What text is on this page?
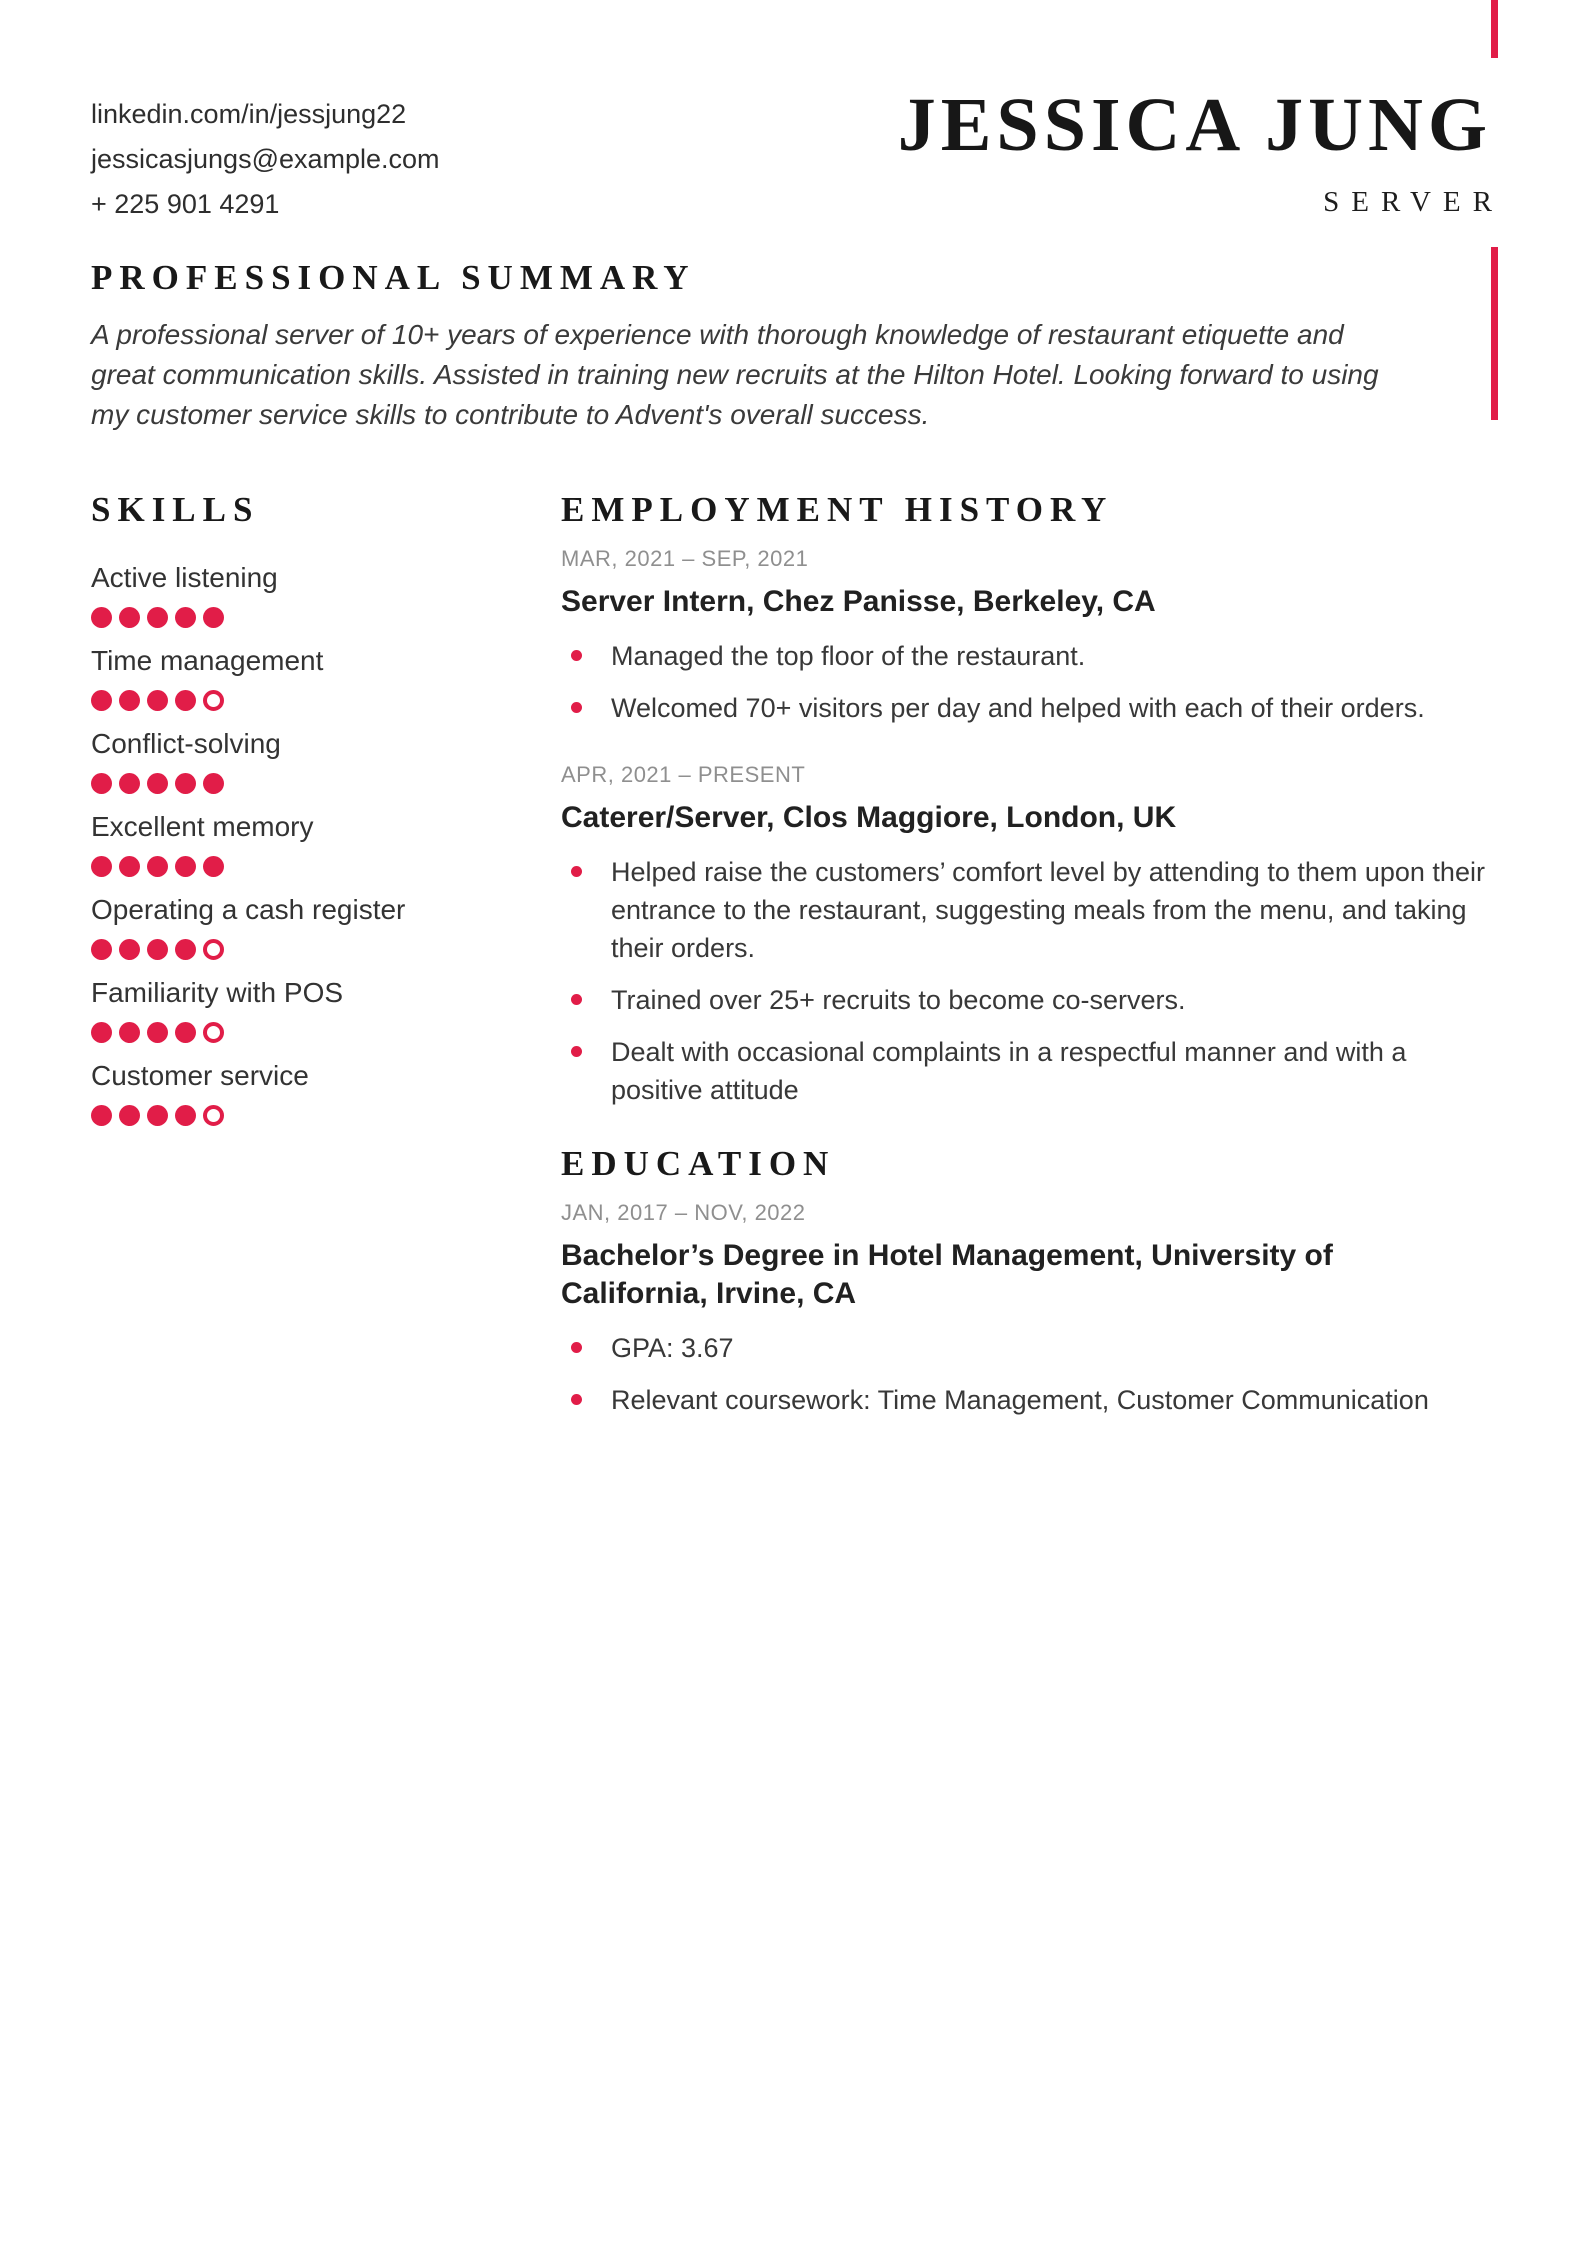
linkedin.com/in/jessjung22
jessicasjungs@example.com
+ 225 901 4291
JESSICA JUNG
SERVER
PROFESSIONAL SUMMARY

A professional server of 10+ years of experience with thorough knowledge of restaurant etiquette and great communication skills. Assisted in training new recruits at the Hilton Hotel. Looking forward to using my customer service skills to contribute to Advent's overall success.

SKILLS
Active listening
Time management
Conflict-solving
Excellent memory
Operating a cash register
Familiarity with POS
Customer service
EMPLOYMENT HISTORY
MAR, 2021 – SEP, 2021
Server Intern, Chez Panisse, Berkeley, CA
Managed the top floor of the restaurant.
Welcomed 70+ visitors per day and helped with each of their orders.
APR, 2021 – PRESENT
Caterer/Server, Clos Maggiore, London, UK
Helped raise the customers’ comfort level by attending to them upon their entrance to the restaurant, suggesting meals from the menu, and taking their orders.
Trained over 25+ recruits to become co-servers.
Dealt with occasional complaints in a respectful manner and with a positive attitude
EDUCATION
JAN, 2017 – NOV, 2022
Bachelor’s Degree in Hotel Management, University of California, Irvine, CA
GPA: 3.67
Relevant coursework: Time Management, Customer Communication
